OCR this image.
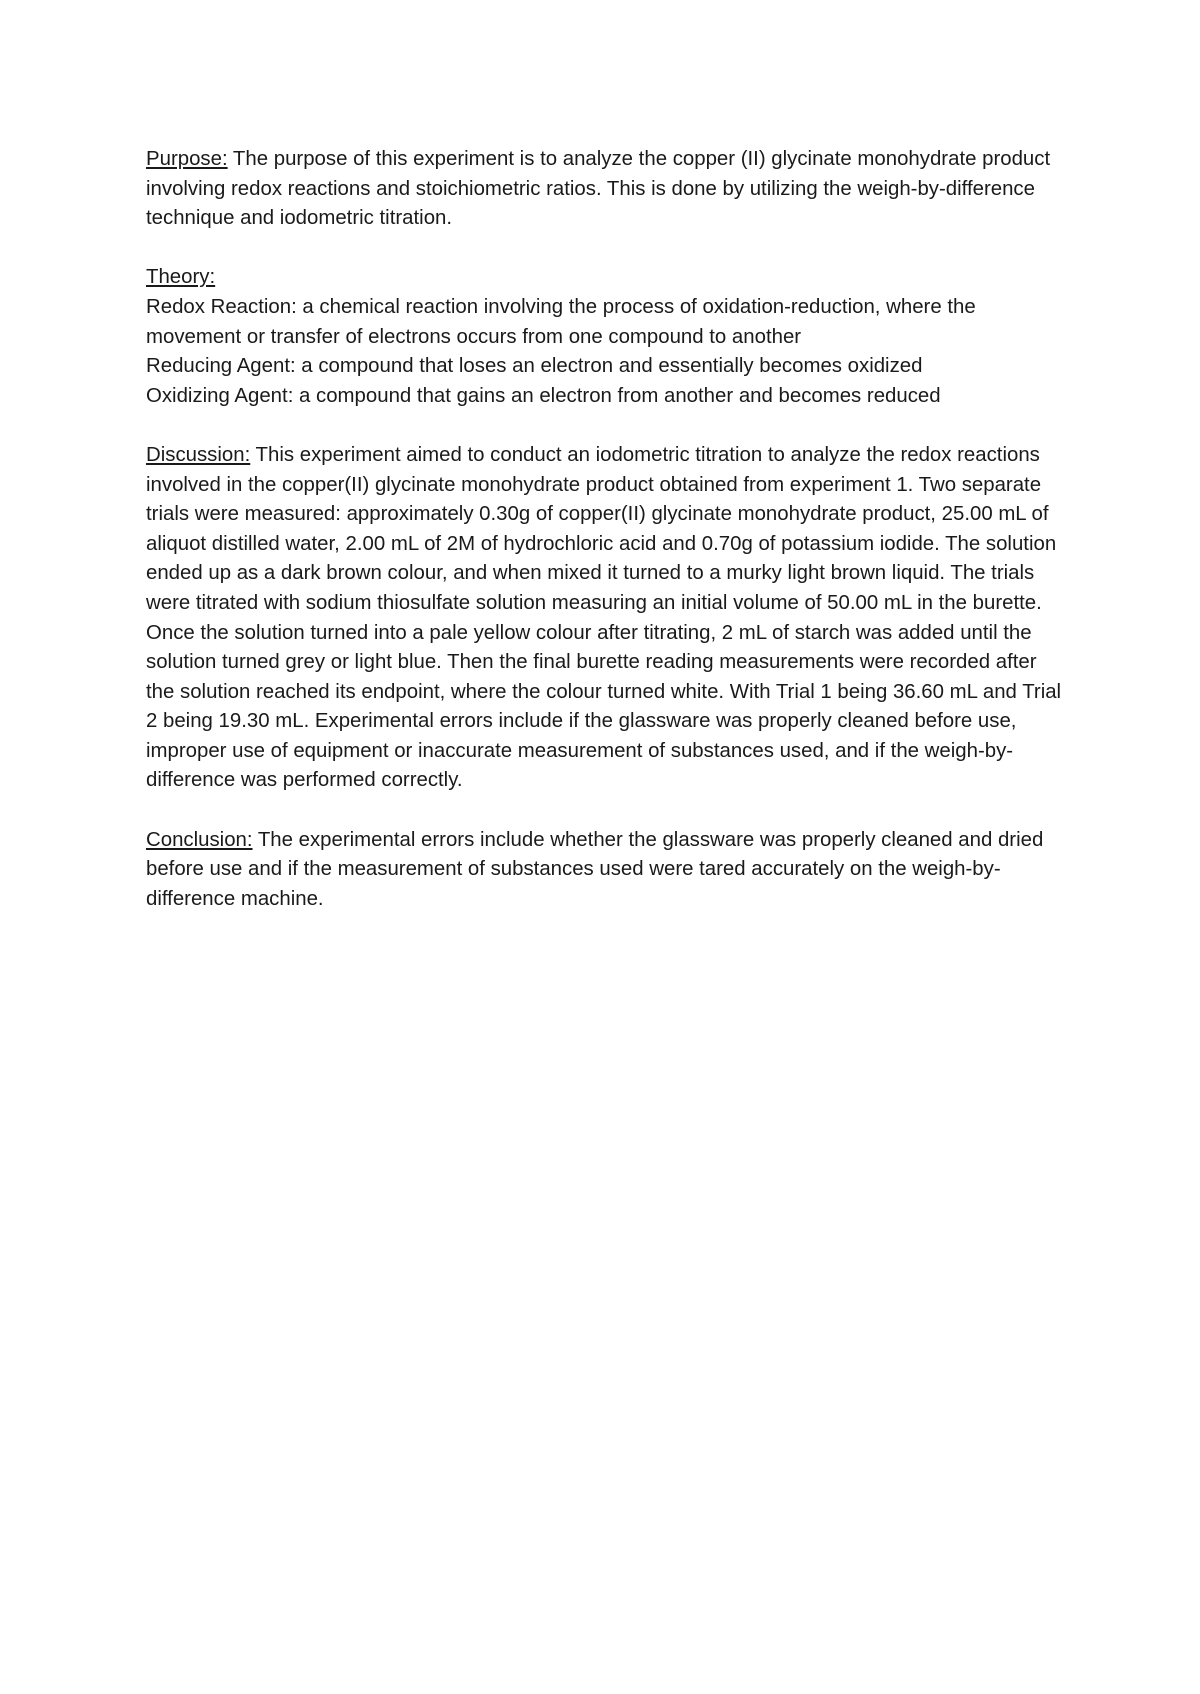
Purpose: The purpose of this experiment is to analyze the copper (II) glycinate monohydrate product involving redox reactions and stoichiometric ratios. This is done by utilizing the weigh-by-difference technique and iodometric titration.

Theory:
Redox Reaction: a chemical reaction involving the process of oxidation-reduction, where the movement or transfer of electrons occurs from one compound to another
Reducing Agent: a compound that loses an electron and essentially becomes oxidized
Oxidizing Agent: a compound that gains an electron from another and becomes reduced

Discussion: This experiment aimed to conduct an iodometric titration to analyze the redox reactions involved in the copper(II) glycinate monohydrate product obtained from experiment 1. Two separate trials were measured: approximately 0.30g of copper(II) glycinate monohydrate product, 25.00 mL of aliquot distilled water, 2.00 mL of 2M of hydrochloric acid and 0.70g of potassium iodide. The solution ended up as a dark brown colour, and when mixed it turned to a murky light brown liquid. The trials were titrated with sodium thiosulfate solution measuring an initial volume of 50.00 mL in the burette. Once the solution turned into a pale yellow colour after titrating, 2 mL of starch was added until the solution turned grey or light blue. Then the final burette reading measurements were recorded after the solution reached its endpoint, where the colour turned white. With Trial 1 being 36.60 mL and Trial 2 being 19.30 mL. Experimental errors include if the glassware was properly cleaned before use, improper use of equipment or inaccurate measurement of substances used, and if the weigh-by-difference was performed correctly.

Conclusion: The experimental errors include whether the glassware was properly cleaned and dried before use and if the measurement of substances used were tared accurately on the weigh-by-difference machine.
